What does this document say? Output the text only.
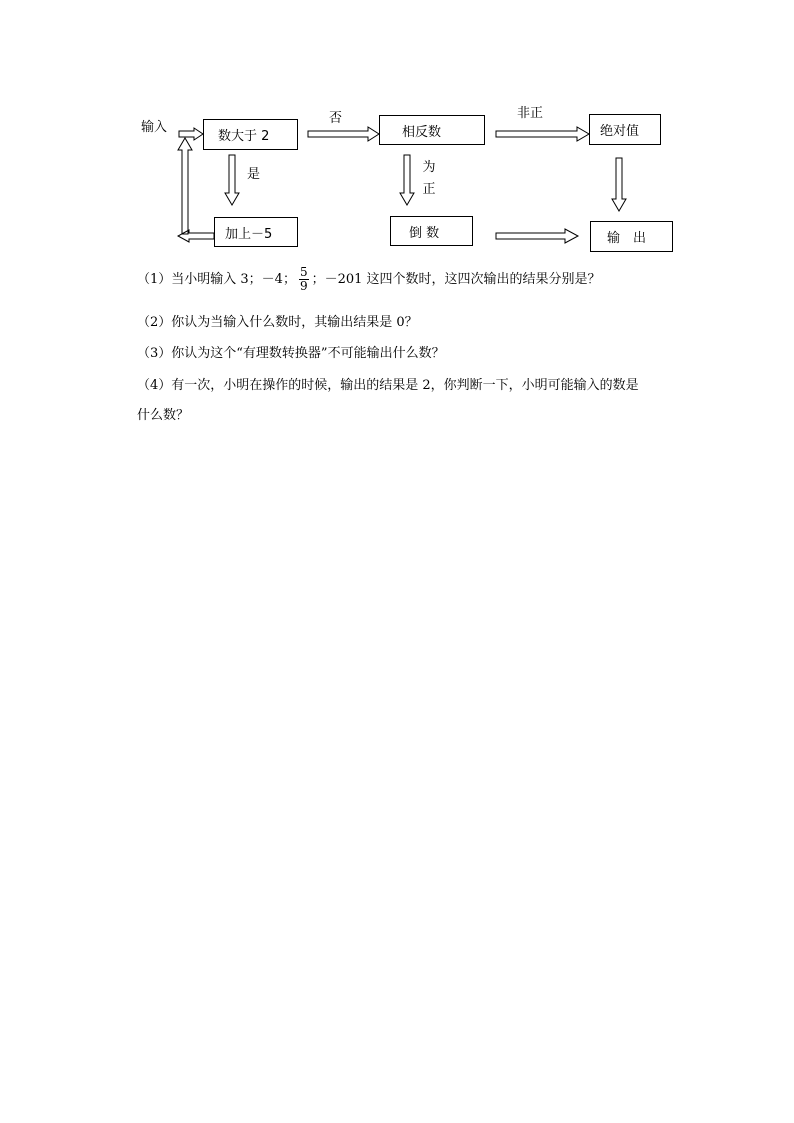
输入
否	非正
是	为
正
数大于 2	相反数	绝对值
加上－5	倒 数	输　出
（1）当小明输入 3；－4； $\frac{5}{9}$ ；－201 这四个数时，这四次输出的结果分别是？
（2）你认为当输入什么数时，其输出结果是 0？
（3）你认为这个“有理数转换器”不可能输出什么数？
（4）有一次，小明在操作的时候，输出的结果是 2，你判断一下，小明可能输入的数是
什么数？
